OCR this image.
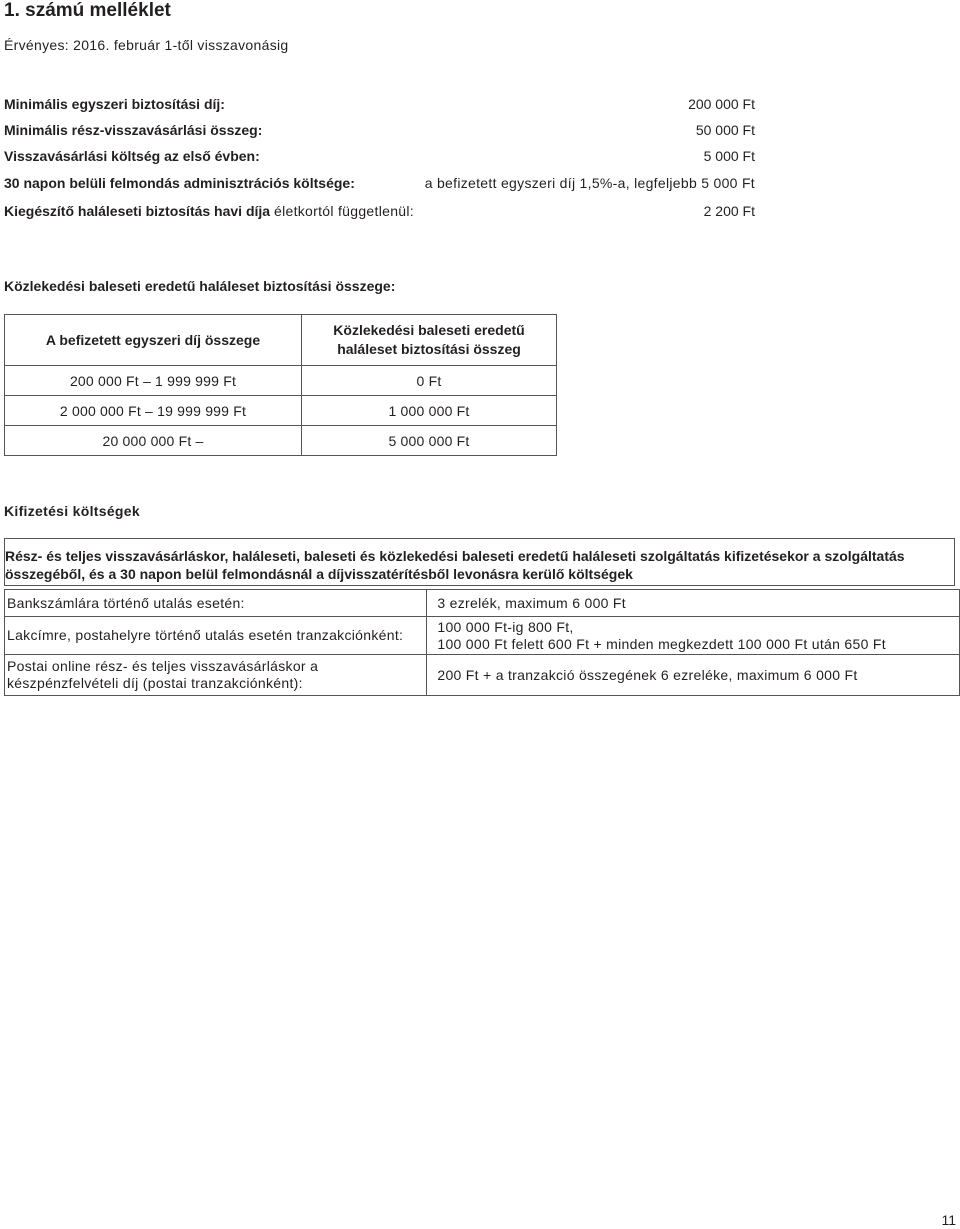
1. számú melléklet
Érvényes: 2016. február 1-től visszavonásig
Minimális egyszeri biztosítási díj:	200 000 Ft
Minimális rész-visszavásárlási összeg:	50 000 Ft
Visszavásárlási költség az első évben:	5 000 Ft
30 napon belüli felmondás adminisztrációs költsége:	a befizetett egyszeri díj 1,5%-a, legfeljebb 5 000 Ft
Kiegészítő haláleseti biztosítás havi díja életkortól függetlenül:	2 200 Ft
Közlekedési baleseti eredetű haláleset biztosítási összege:
A befizetett egyszeri díj összege	Közlekedési baleseti eredetű haláleset biztosítási összeg
200 000 Ft – 1 999 999 Ft	0 Ft
2 000 000 Ft – 19 999 999 Ft	1 000 000 Ft
20 000 000 Ft –	5 000 000 Ft
Kifizetési költségek
Rész- és teljes visszavásárláskor, haláleseti, baleseti és közlekedési baleseti eredetű haláleseti szolgáltatás kifizetésekor a szolgáltatás összegéből, és a 30 napon belül felmondásnál a díjvisszatérítésből levonásra kerülő költségek
Bankszámlára történő utalás esetén:	3 ezrelék, maximum 6 000 Ft
Lakcímre, postahelyre történő utalás esetén tranzakciónként:	100 000 Ft-ig 800 Ft,
100 000 Ft felett 600 Ft + minden megkezdett 100 000 Ft után 650 Ft

Postai online rész- és teljes visszavásárláskor a készpénzfelvételi díj (postai tranzakciónként):	200 Ft + a tranzakció összegének 6 ezreléke, maximum 6 000 Ft
11
